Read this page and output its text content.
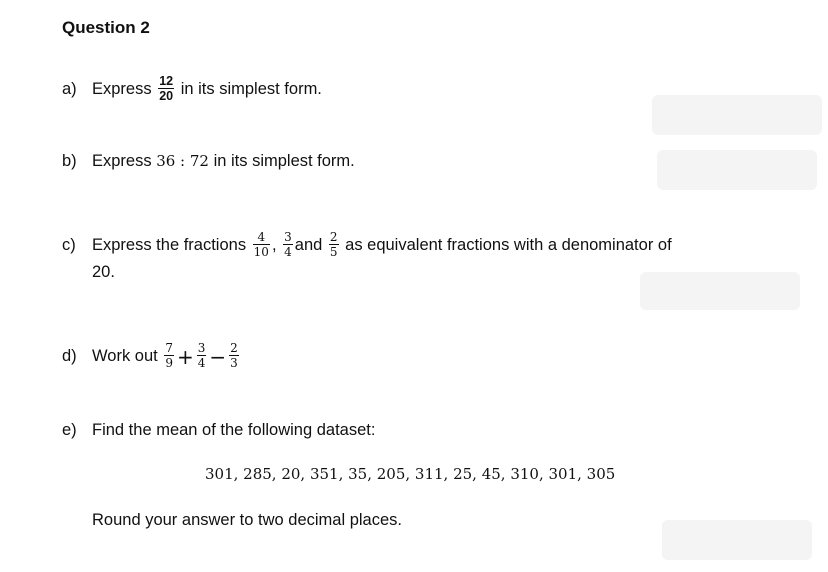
Question 2
a) Express $\frac{12}{20}$ in its simplest form.
b) Express 36 : 72 in its simplest form.
c) Express the fractions $\frac{4}{10}$ , $\frac{3}{4}$ and $\frac{2}{5}$ as equivalent fractions with a denominator of
20.
d) Work out $\frac{7}{9} + \frac{3}{4} - \frac{2}{3}$
e) Find the mean of the following dataset:
301, 285, 20, 351, 35, 205, 311, 25, 45, 310, 301, 305
Round your answer to two decimal places.
